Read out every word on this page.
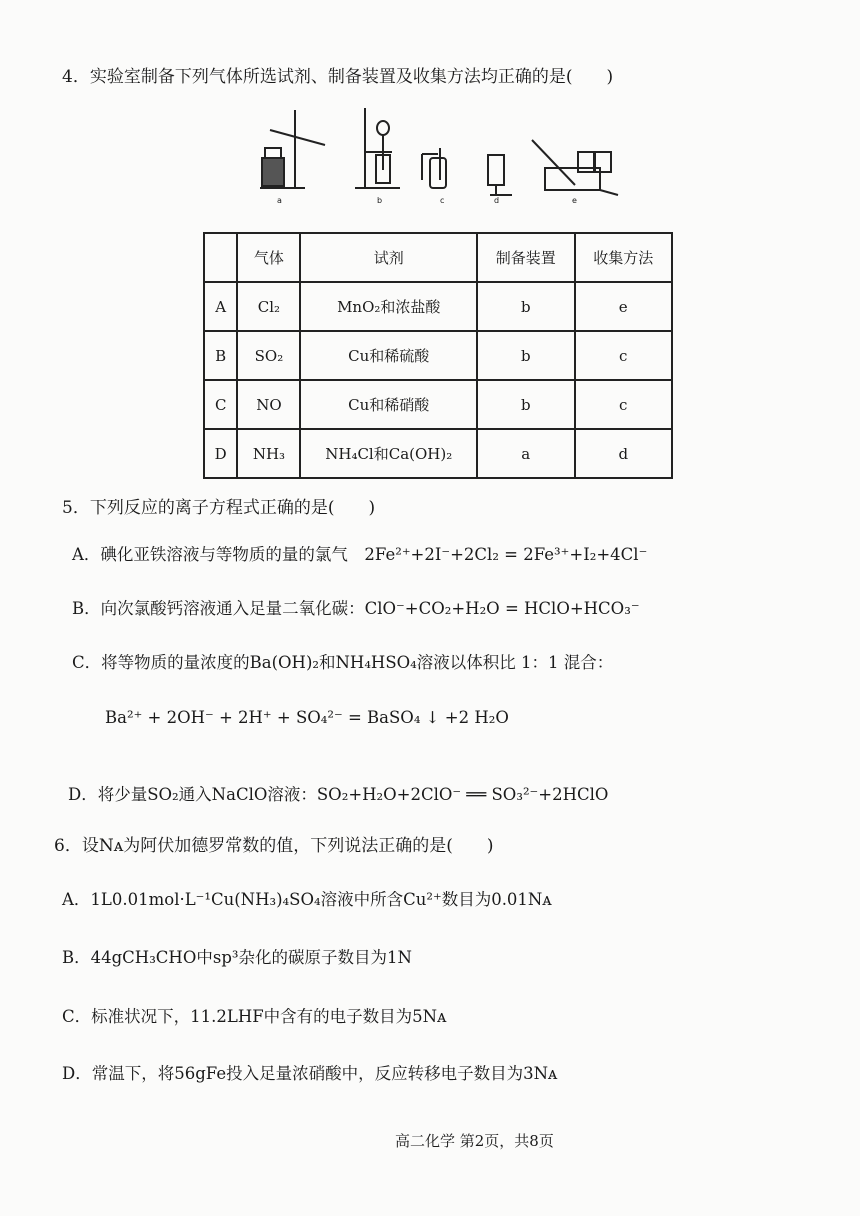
4．实验室制备下列气体所选试剂、制备装置及收集方法均正确的是(　　)
a	b	c	d	e
	气体	试剂	制备装置	收集方法
A	Cl₂	MnO₂和浓盐酸	b	e
B	SO₂	Cu和稀硫酸	b	c
C	NO	Cu和稀硝酸	b	c
D	NH₃	NH₄Cl和Ca(OH)₂	a	d
5．下列反应的离子方程式正确的是(　　)
A．碘化亚铁溶液与等物质的量的氯气　2Fe²⁺+2I⁻+2Cl₂ = 2Fe³⁺+I₂+4Cl⁻
B．向次氯酸钙溶液通入足量二氧化碳：ClO⁻+CO₂+H₂O = HClO+HCO₃⁻
C．将等物质的量浓度的Ba(OH)₂和NH₄HSO₄溶液以体积比 1：1 混合：
Ba²⁺ + 2OH⁻ + 2H⁺ + SO₄²⁻ = BaSO₄ ↓ +2 H₂O
D．将少量SO₂通入NaClO溶液：SO₂+H₂O+2ClO⁻ ══ SO₃²⁻+2HClO
6．设Nᴀ为阿伏加德罗常数的值，下列说法正确的是(　　)
A．1L0.01mol·L⁻¹Cu(NH₃)₄SO₄溶液中所含Cu²⁺数目为0.01Nᴀ
B．44gCH₃CHO中sp³杂化的碳原子数目为1N
C．标准状况下，11.2LHF中含有的电子数目为5Nᴀ
D．常温下，将56gFe投入足量浓硝酸中，反应转移电子数目为3Nᴀ
高二化学 第2页，共8页
